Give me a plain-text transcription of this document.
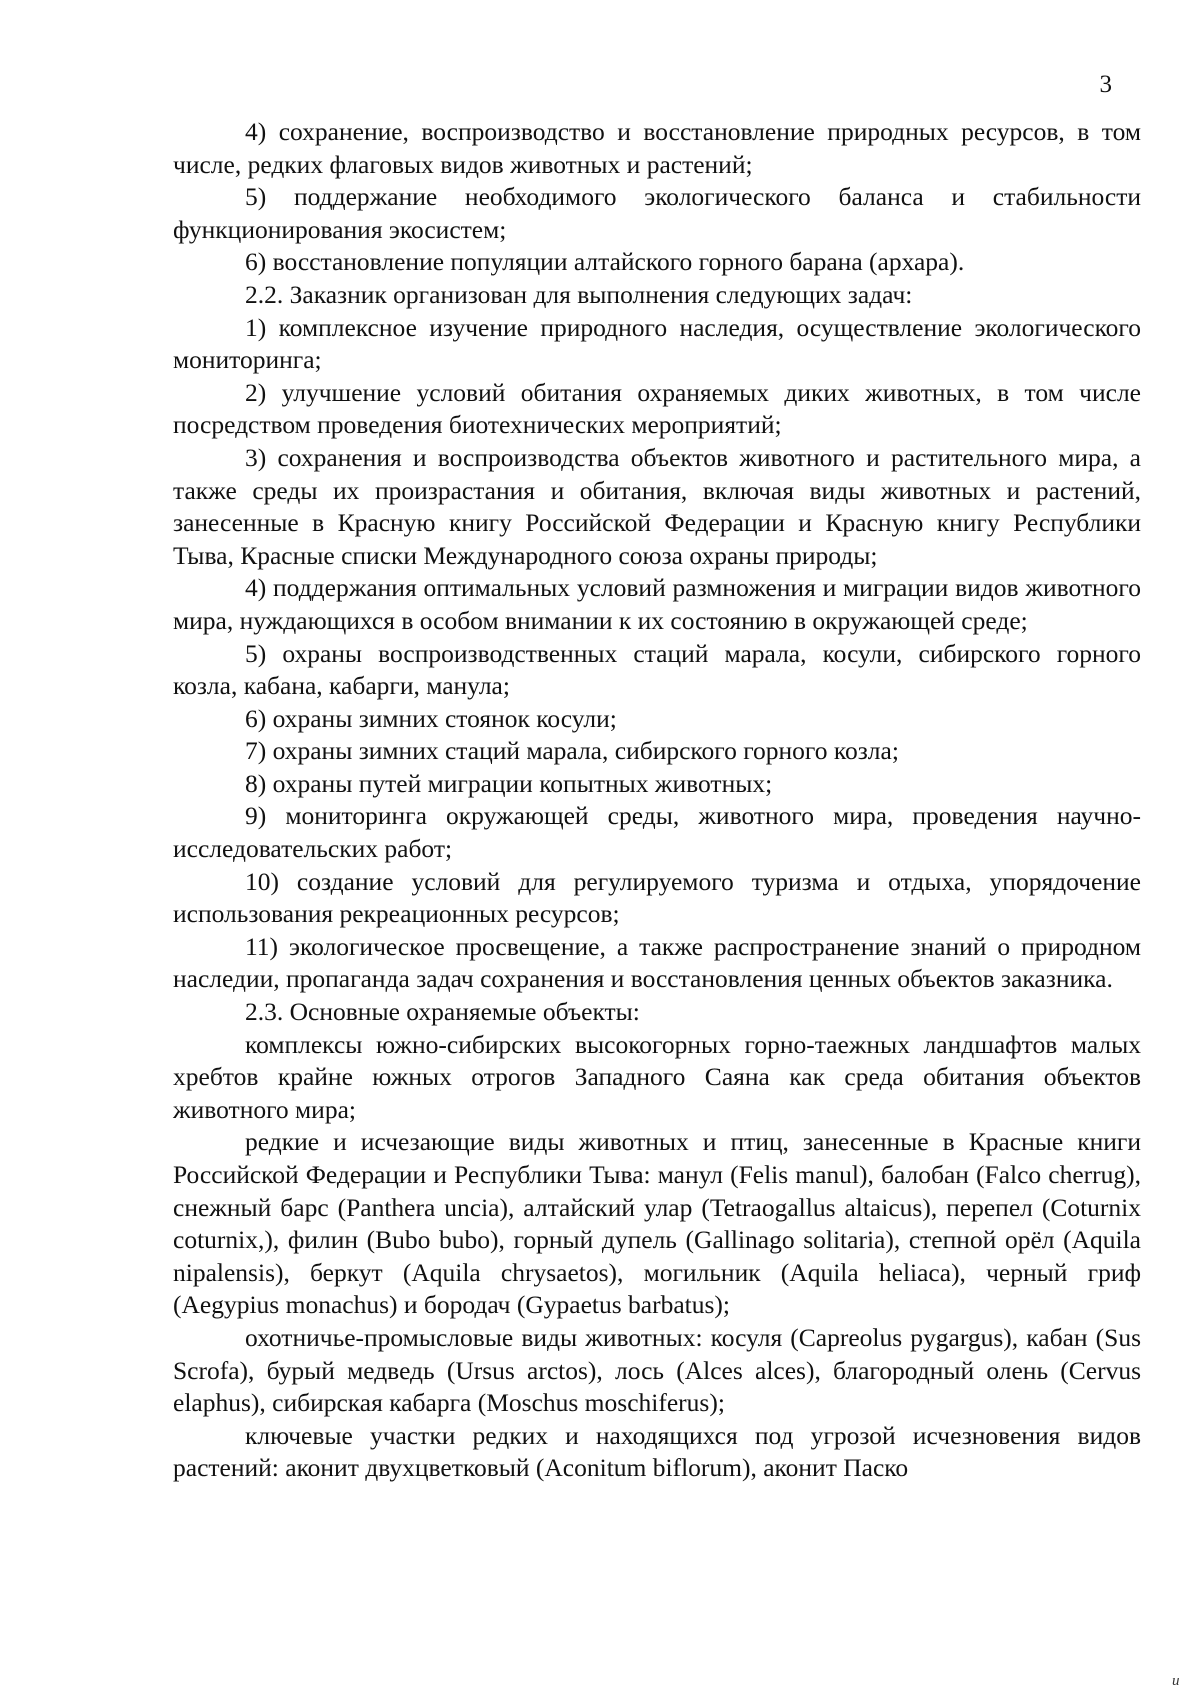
3

4) сохранение, воспроизводство и восстановление природных ресурсов, в том числе, редких флаговых видов животных и растений;

5) поддержание необходимого экологического баланса и стабильности функционирования экосистем;

6) восстановление популяции алтайского горного барана (архара).

2.2. Заказник организован для выполнения следующих задач:

1) комплексное изучение природного наследия, осуществление экологического мониторинга;

2) улучшение условий обитания охраняемых диких животных, в том числе посредством проведения биотехнических мероприятий;

3) сохранения и воспроизводства объектов животного и растительного мира, а также среды их произрастания и обитания, включая виды животных и растений, занесенные в Красную книгу Российской Федерации и Красную книгу Республики Тыва, Красные списки Международного союза охраны природы;

4) поддержания оптимальных условий размножения и миграции видов животного мира, нуждающихся в особом внимании к их состоянию в окружающей среде;

5) охраны воспроизводственных стаций марала, косули, сибирского горного козла, кабана, кабарги, манула;

6) охраны зимних стоянок косули;

7) охраны зимних стаций марала, сибирского горного козла;

8) охраны путей миграции копытных животных;

9) мониторинга окружающей среды, животного мира, проведения научно-исследовательских работ;

10) создание условий для регулируемого туризма и отдыха, упорядочение использования рекреационных ресурсов;

11) экологическое просвещение, а также распространение знаний о природном наследии, пропаганда задач сохранения и восстановления ценных объектов заказника.

2.3. Основные охраняемые объекты:

комплексы южно-сибирских высокогорных горно-таежных ландшафтов малых хребтов крайне южных отрогов Западного Саяна как среда обитания объектов животного мира;

редкие и исчезающие виды животных и птиц, занесенные в Красные книги Российской Федерации и Республики Тыва: манул (Felis manul), балобан (Falco cherrug), снежный барс (Panthera uncia), алтайский улар (Tetraogallus altaicus), перепел (Coturnix coturnix,), филин (Bubo bubo), горный дупель (Gallinago solitaria), степной орёл (Aquila nipalensis), беркут (Aquila chrysaetos), могильник (Aquila heliaca), черный гриф (Aegypius monachus) и бородач (Gypaetus barbatus);

охотничье-промысловые виды животных: косуля (Capreolus pygargus), кабан (Sus Scrofa), бурый медведь (Ursus arctos), лось (Alces alces), благородный олень (Cervus elaphus), сибирская кабарга (Moschus moschiferus);

ключевые участки редких и находящихся под угрозой исчезновения видов растений: аконит двухцветковый (Aconitum biflorum), аконит Паско

и
